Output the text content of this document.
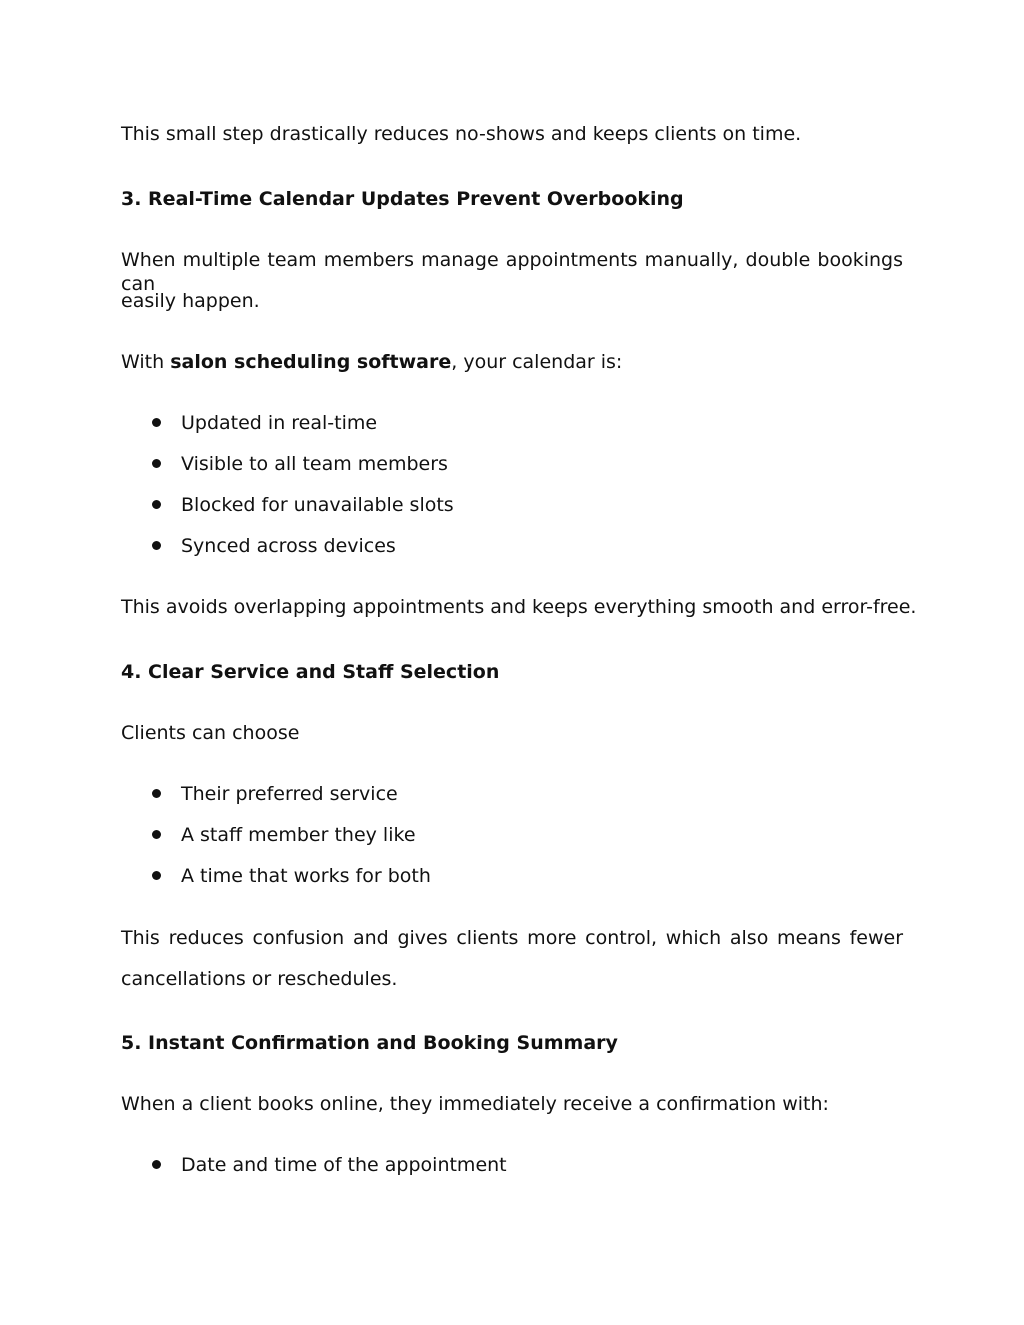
This small step drastically reduces no-shows and keeps clients on time.
3. Real-Time Calendar Updates Prevent Overbooking
When multiple team members manage appointments manually, double bookings can
easily happen.
With salon scheduling software, your calendar is:
Updated in real-time
Visible to all team members
Blocked for unavailable slots
Synced across devices
This avoids overlapping appointments and keeps everything smooth and error-free.
4. Clear Service and Staff Selection
Clients can choose
Their preferred service
A staff member they like
A time that works for both
This reduces confusion and gives clients more control, which also means fewer
cancellations or reschedules.
5. Instant Confirmation and Booking Summary
When a client books online, they immediately receive a confirmation with:
Date and time of the appointment
